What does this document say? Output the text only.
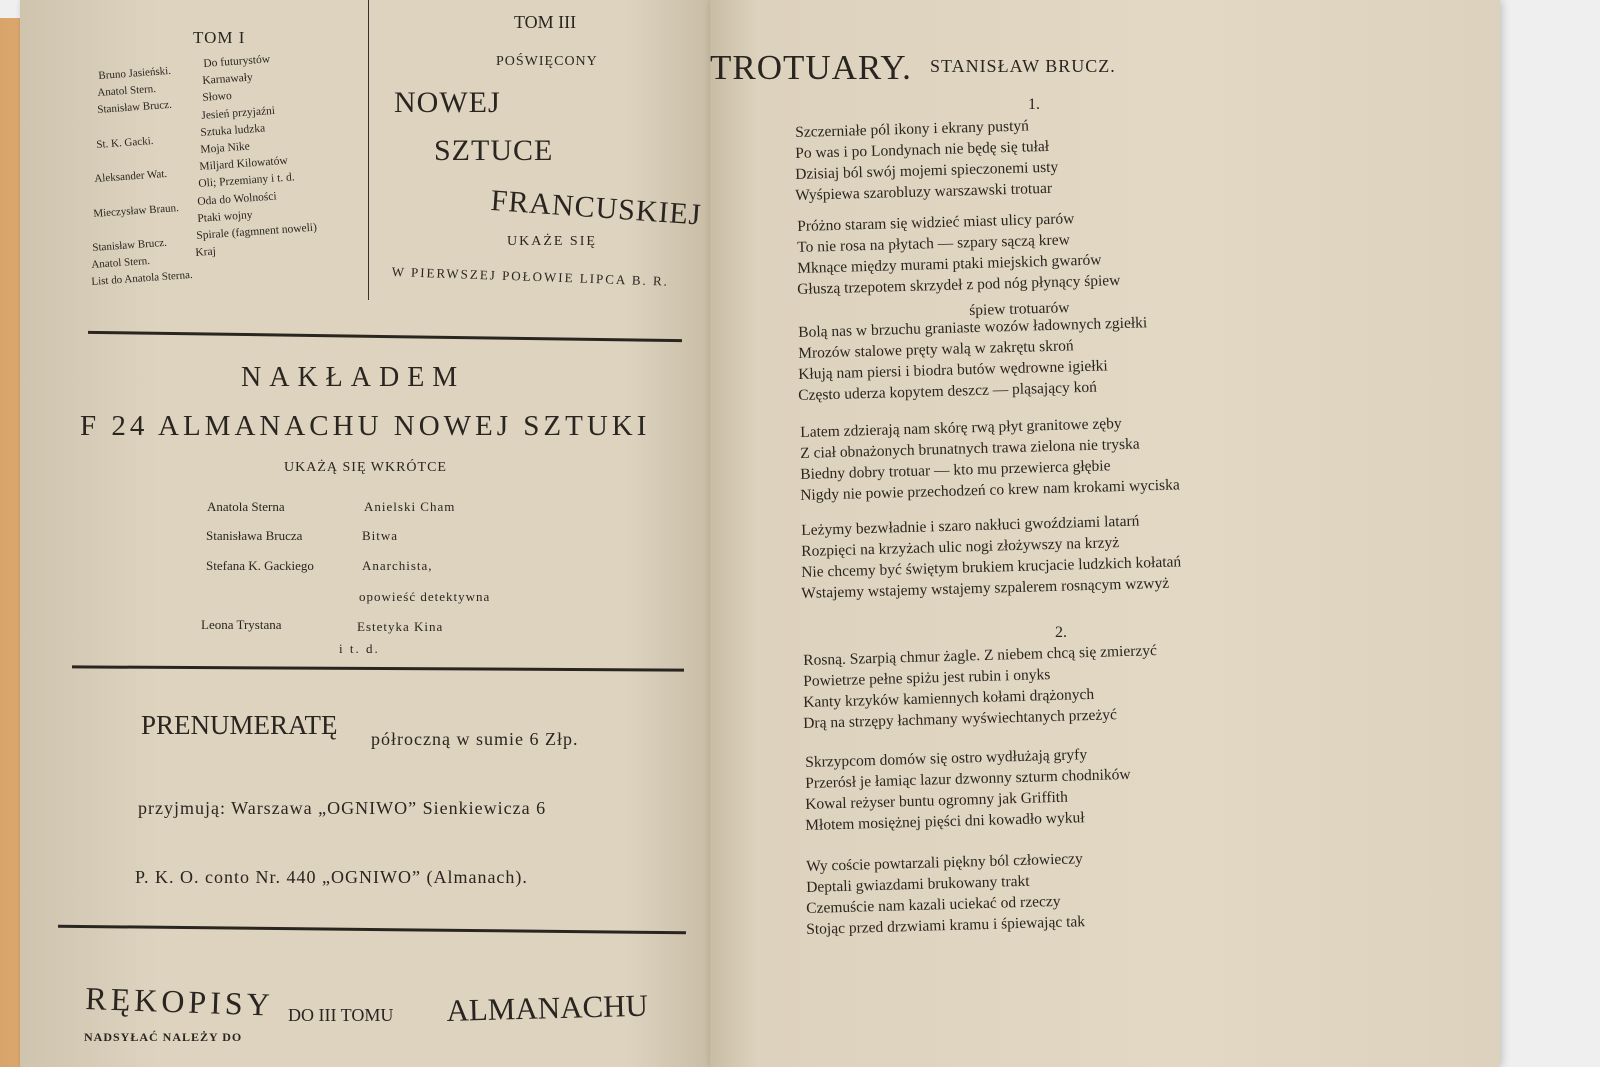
TOM I
Bruno Jasieński.
Do futurystów
Anatol Stern.
Karnawały
Stanisław Brucz.
Słowo
Jesień przyjaźni
St. K. Gacki.
Sztuka ludzka
Moja Nike
Aleksander Wat.
Miljard Kilowatów
Oli; Przemiany i t. d.
Mieczysław Braun.
Oda do Wolności
Ptaki wojny
Stanisław Brucz.
Spirale (fagmnent noweli)
Anatol Stern.
Kraj
List do Anatola Sterna.
TOM III
POŚWIĘCONY
NOWEJ
SZTUCE
FRANCUSKIEJ
UKAŻE SIĘ
W PIERWSZEJ POŁOWIE LIPCA B. R.
NAKŁADEM
F 24 ALMANACHU NOWEJ SZTUKI
UKAŻĄ SIĘ WKRÓTCE
Anatola Sterna
Stanisława Brucza
Stefana K. Gackiego
Leona Trystana
Anielski Cham
Bitwa
Anarchista,
opowieść detektywna
Estetyka Kina
i t. d.
PRENUMERATĘ półroczną w sumie 6 Złp.
przyjmują: Warszawa „OGNIWO” Sienkiewicza 6
P. K. O. conto Nr. 440 „OGNIWO” (Almanach).
RĘKOPISY DO III TOMU ALMANACHU
NADSYŁAĆ NALEŻY DO
TROTUARY. STANISŁAW BRUCZ.
1.
2.
Szczerniałe pól ikony i ekrany pustyń
Po was i po Londynach nie będę się tułał
Dzisiaj ból swój mojemi spieczonemi usty
Wyśpiewa szarobluzy warszawski trotuar
Próżno staram się widzieć miast ulicy parów
To nie rosa na płytach — szpary sączą krew
Mknące między murami ptaki miejskich gwarów
Głuszą trzepotem skrzydeł z pod nóg płynący śpiew
śpiew trotuarów
Bolą nas w brzuchu graniaste wozów ładownych zgiełki
Mrozów stalowe pręty walą w zakrętu skroń
Kłują nam piersi i biodra butów wędrowne igiełki
Często uderza kopytem deszcz — pląsający koń
Latem zdzierają nam skórę rwą płyt granitowe zęby
Z ciał obnażonych brunatnych trawa zielona nie tryska
Biedny dobry trotuar — kto mu przewierca głębie
Nigdy nie powie przechodzeń co krew nam krokami wyciska
Leżymy bezwładnie i szaro nakłuci gwoździami latarń
Rozpięci na krzyżach ulic nogi złożywszy na krzyż
Nie chcemy być świętym brukiem krucjacie ludzkich kołatań
Wstajemy wstajemy wstajemy szpalerem rosnącym wzwyż
Rosną. Szarpią chmur żagle. Z niebem chcą się zmierzyć
Powietrze pełne spiżu jest rubin i onyks
Kanty krzyków kamiennych kołami drążonych
Drą na strzępy łachmany wyświechtanych przeżyć
Skrzypcom domów się ostro wydłużają gryfy
Przerósł je łamiąc lazur dzwonny szturm chodników
Kowal reżyser buntu ogromny jak Griffith
Młotem mosiężnej pięści dni kowadło wykuł
Wy coście powtarzali piękny ból człowieczy
Deptali gwiazdami brukowany trakt
Czemuście nam kazali uciekać od rzeczy
Stojąc przed drzwiami kramu i śpiewając tak
